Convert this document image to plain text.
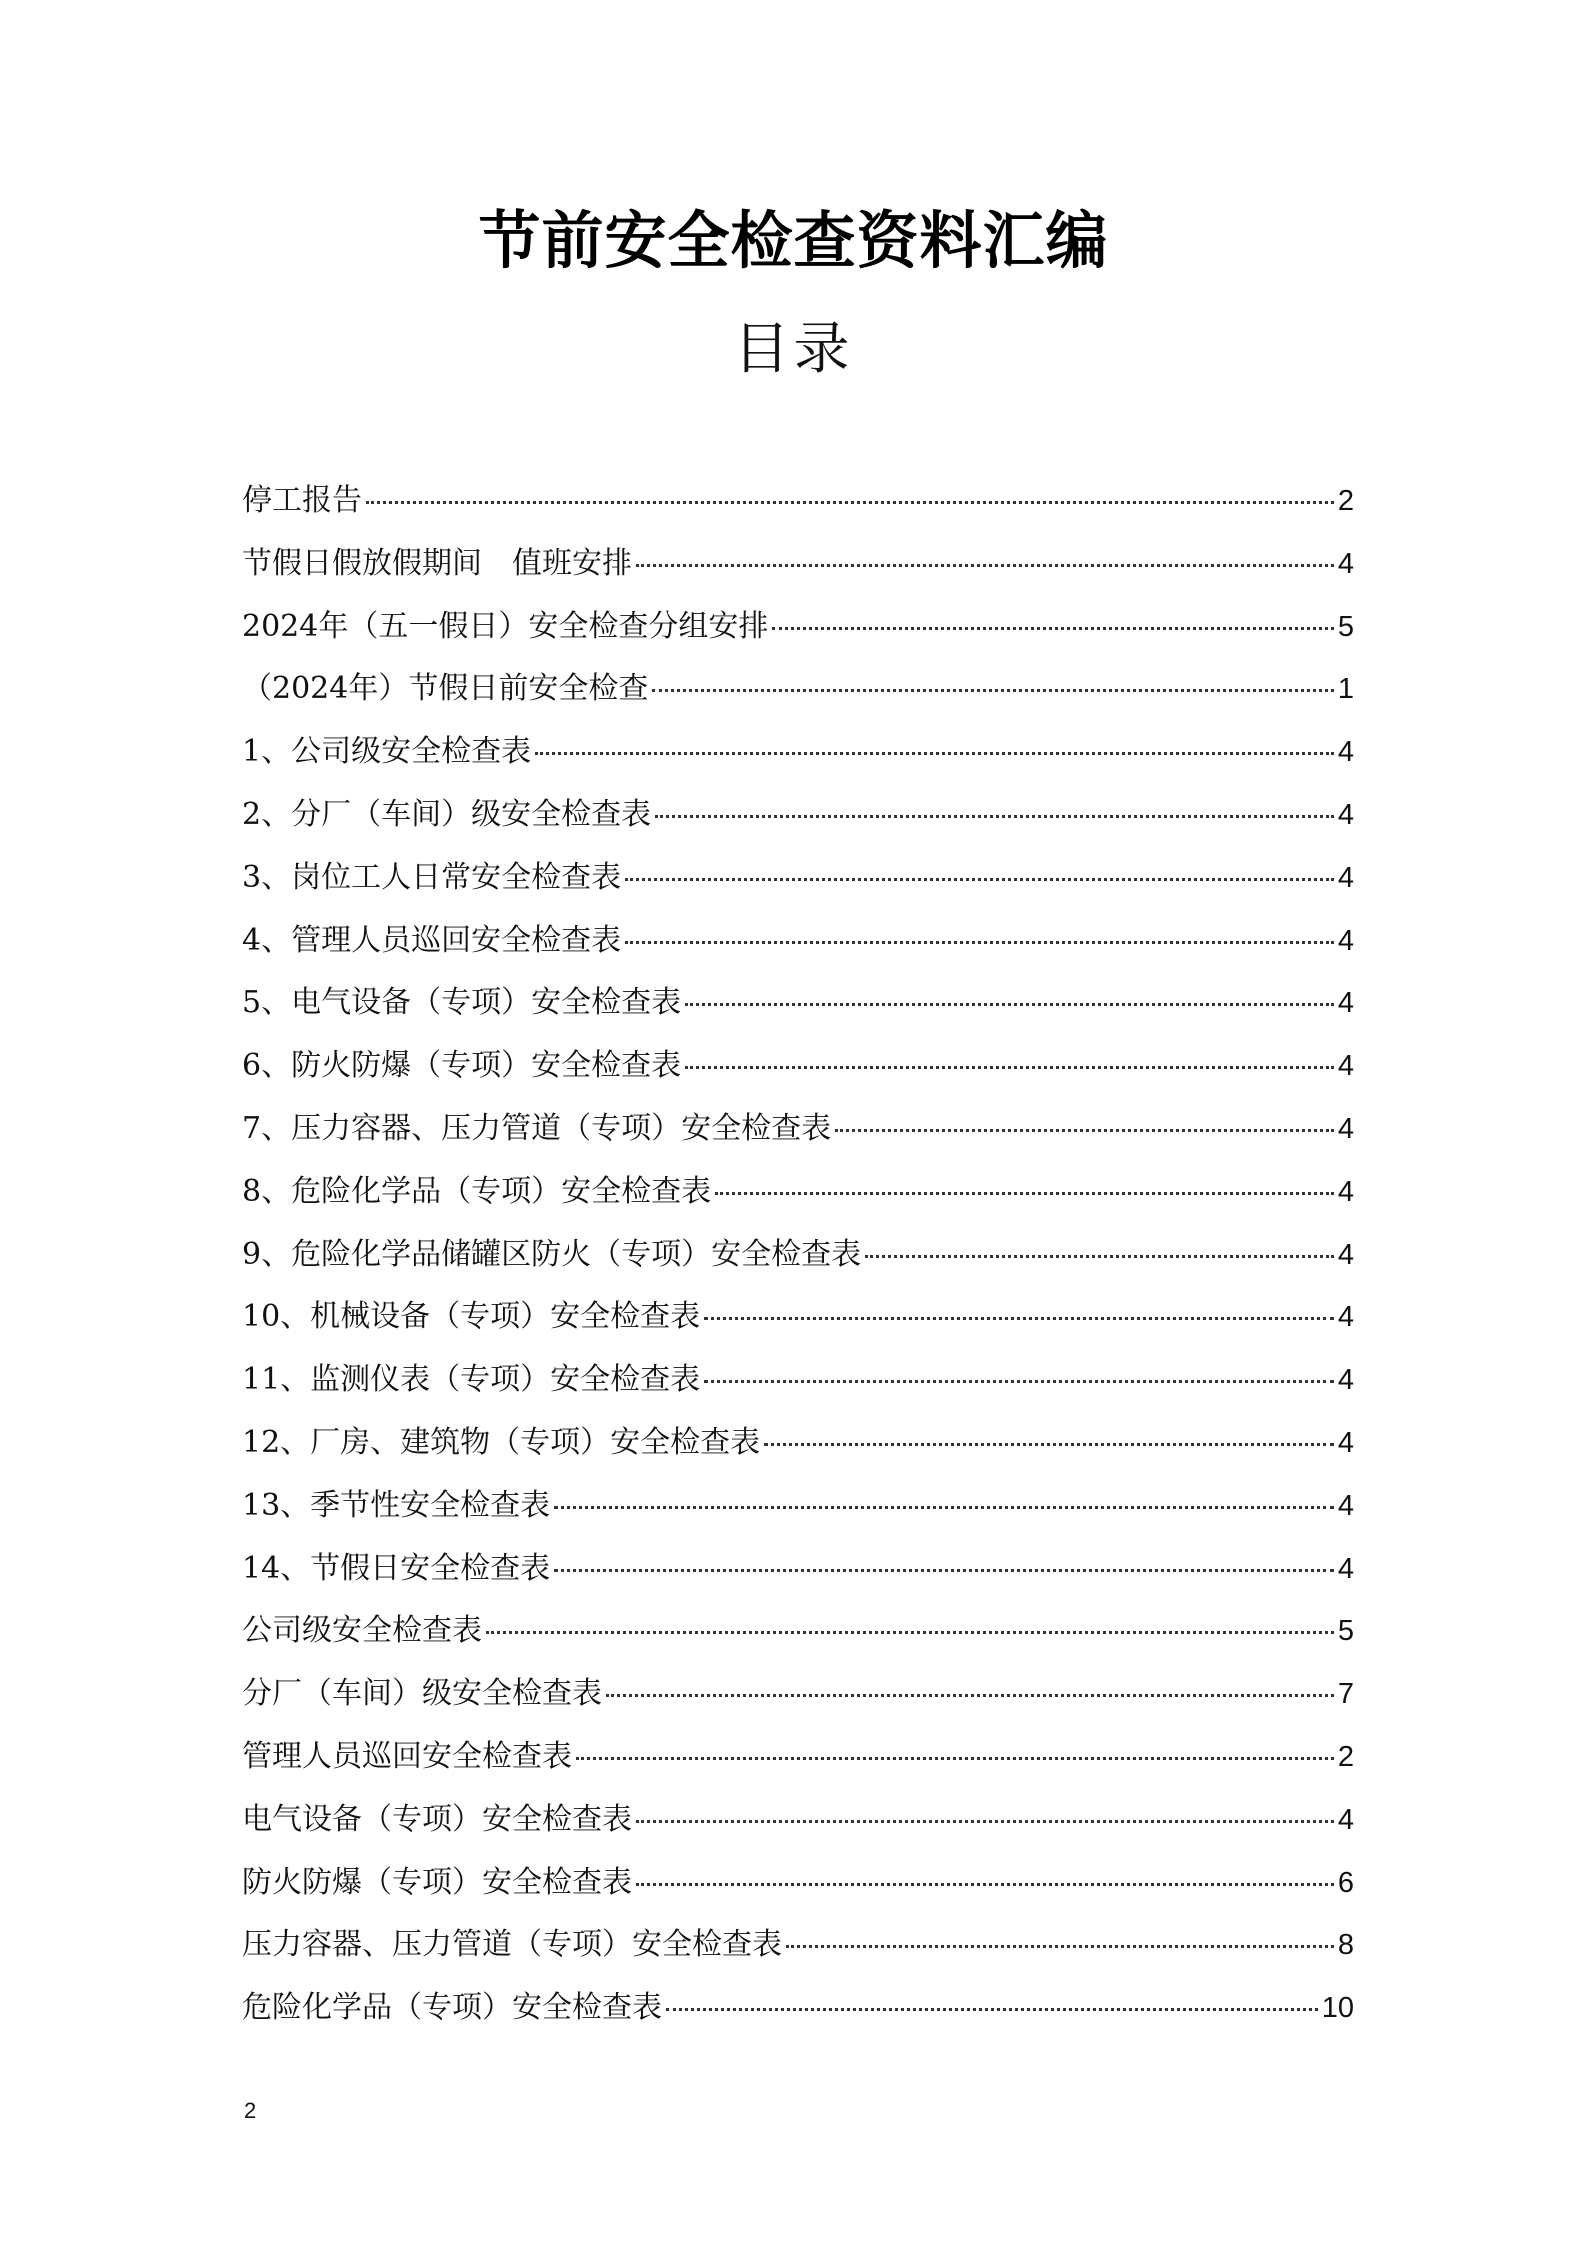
节前安全检查资料汇编
目录
停工报告	2
节假日假放假期间　值班安排	4
2024年（五一假日）安全检查分组安排	5
（2024年）节假日前安全检查	1
1、公司级安全检查表	4
2、分厂（车间）级安全检查表	4
3、岗位工人日常安全检查表	4
4、管理人员巡回安全检查表	4
5、电气设备（专项）安全检查表	4
6、防火防爆（专项）安全检查表	4
7、压力容器、压力管道（专项）安全检查表	4
8、危险化学品（专项）安全检查表	4
9、危险化学品储罐区防火（专项）安全检查表	4
10、机械设备（专项）安全检查表	4
11、监测仪表（专项）安全检查表	4
12、厂房、建筑物（专项）安全检查表	4
13、季节性安全检查表	4
14、节假日安全检查表	4
公司级安全检查表	5
分厂（车间）级安全检查表	7
管理人员巡回安全检查表	2
电气设备（专项）安全检查表	4
防火防爆（专项）安全检查表	6
压力容器、压力管道（专项）安全检查表	8
危险化学品（专项）安全检查表	10
2
